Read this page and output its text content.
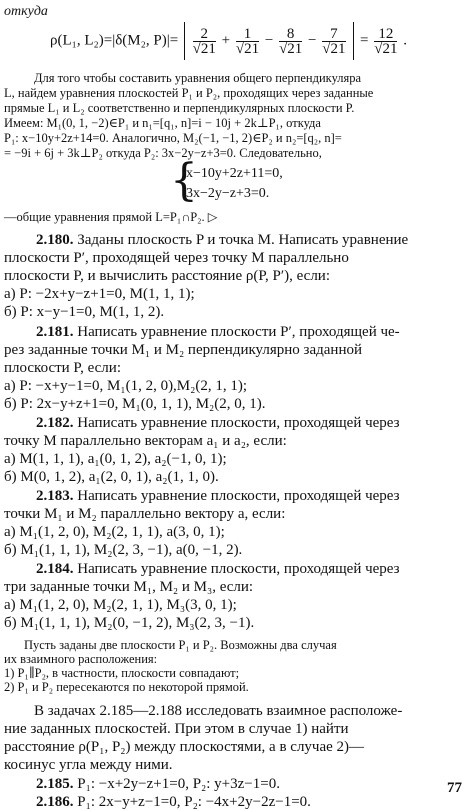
откуда
ρ(L₁, L₂)=|δ(M₂, $P)|= \frac{2}{√21} + \frac{1}{√21} - \frac{8}{√21} - \frac{7}{√21} = \frac{12}{√21}$ .
Для того чтобы составить уравнения общего перпендикуляра
L, найдем уравнения плоскостей P₁ и P₂, проходящих через заданные
прямые L₁ и L₂ соответственно и перпендикулярных плоскости P.
Имеем: M₁(0, 1, −2)∈P₁ и n₁=[q₁, n]=i − 10j + 2k⊥P₁, откуда
P₁: x−10y+2z+14=0. Аналогично, M₂(−1, −1, 2)∈P₂ и n₂=[q₂, n]=
= −9i + 6j + 3k⊥P₂ откуда P₂: 3x−2y−z+3=0. Следовательно,
{
x−10y+2z+11=0,
3x−2y−z+3=0.
—общие уравнения прямой L=P₁∩P₂. ▷
2.180. Заданы плоскость P и точка M. Написать уравнение
плоскости P′, проходящей через точку M параллельно
плоскости P, и вычислить расстояние ρ(P, P′), если:
а) P: −2x+y−z+1=0, M(1, 1, 1);
б) P: x−y−1=0, M(1, 1, 2).
2.181. Написать уравнение плоскости P′, проходящей че-
рез заданные точки M₁ и M₂ перпендикулярно заданной
плоскости P, если:
а) P: −x+y−1=0, M₁(1, 2, 0),M₂(2, 1, 1);
б) P: 2x−y+z+1=0, M₁(0, 1, 1), M₂(2, 0, 1).
2.182. Написать уравнение плоскости, проходящей через
точку M параллельно векторам a₁ и a₂, если:
а) M(1, 1, 1), a₁(0, 1, 2), a₂(−1, 0, 1);
б) M(0, 1, 2), a₁(2, 0, 1), a₂(1, 1, 0).
2.183. Написать уравнение плоскости, проходящей через
точки M₁ и M₂ параллельно вектору a, если:
а) M₁(1, 2, 0), M₂(2, 1, 1), a(3, 0, 1);
б) M₁(1, 1, 1), M₂(2, 3, −1), a(0, −1, 2).
2.184. Написать уравнение плоскости, проходящей через
три заданные точки M₁, M₂ и M₃, если:
а) M₁(1, 2, 0), M₂(2, 1, 1), M₃(3, 0, 1);
б) M₁(1, 1, 1), M₂(0, −1, 2), M₃(2, 3, −1).
Пусть заданы две плоскости P₁ и P₂. Возможны два случая
их взаимного расположения:
1) P₁∥P₂, в частности, плоскости совпадают;
2) P₁ и P₂ пересекаются по некоторой прямой.
В задачах 2.185—2.188 исследовать взаимное расположе-
ние заданных плоскостей. При этом в случае 1) найти
расстояние ρ(P₁, P₂) между плоскостями, а в случае 2)—
косинус угла между ними.
2.185. P₁: −x+2y−z+1=0, P₂: y+3z−1=0.
2.186. P₁: 2x−y+z−1=0, P₂: −4x+2y−2z−1=0.
77
